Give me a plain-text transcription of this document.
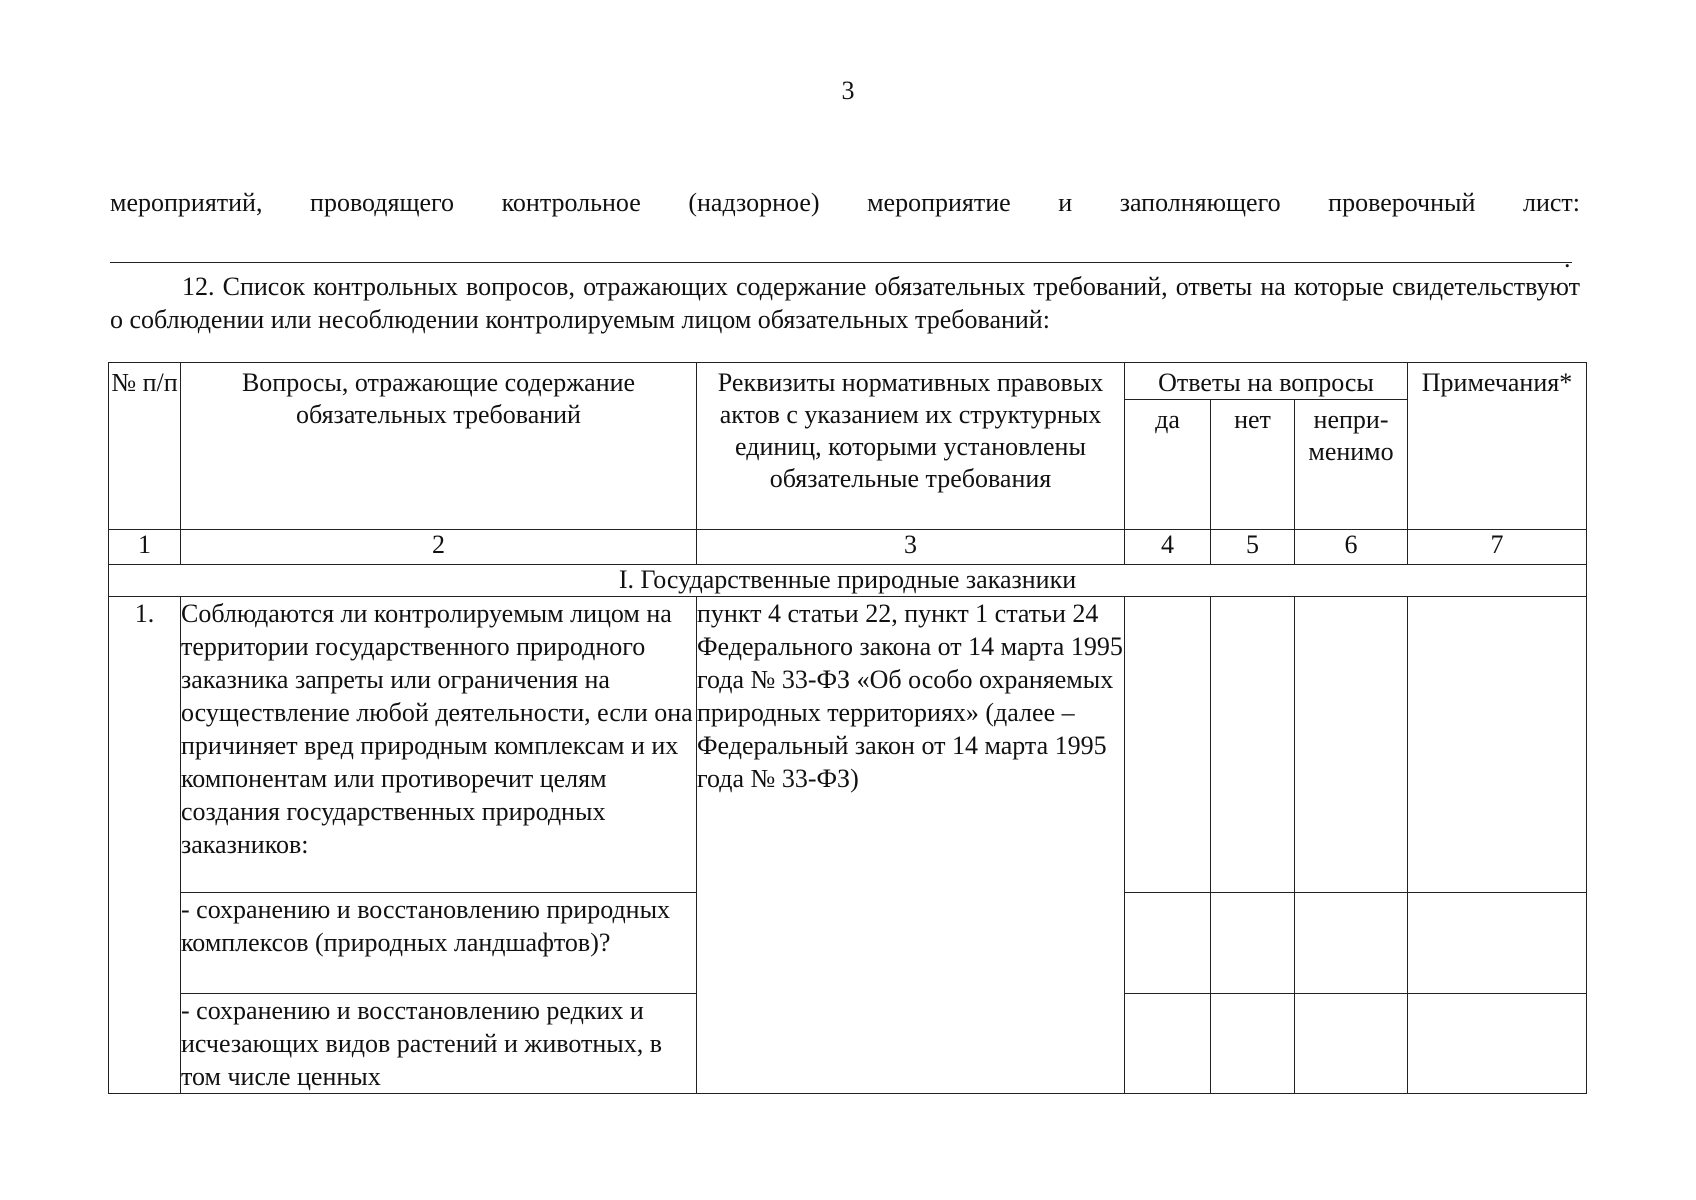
3
мероприятий, проводящего контрольное (надзорное) мероприятие и заполняющего проверочный лист:
.
12. Список контрольных вопросов, отражающих содержание обязательных требований, ответы на которые свидетельствуют о соблюдении или несоблюдении контролируемым лицом обязательных требований:
№ п/п	Вопросы, отражающие содержание обязательных требований	Реквизиты нормативных правовых актов с указанием их структурных единиц, которыми установлены обязательные требования	Ответы на вопросы			Примечания*
			да	нет	непри-менимо	
1	2	3	4	5	6	7
I. Государственные природные заказники						
1.	Соблюдаются ли контролируемым лицом на территории государственного природного заказника запреты или ограничения на осуществление любой деятельности, если она причиняет вред природным комплексам и их компонентам или противоречит целям создания государственных природных заказников:	пункт 4 статьи 22, пункт 1 статьи 24 Федерального закона от 14 марта 1995 года № 33-ФЗ «Об особо охраняемых природных территориях» (далее – Федеральный закон от 14 марта 1995 года № 33-ФЗ)				
	- сохранению и восстановлению природных комплексов (природных ландшафтов)?					
	- сохранению и восстановлению редких и исчезающих видов растений и животных, в том числе ценных					
